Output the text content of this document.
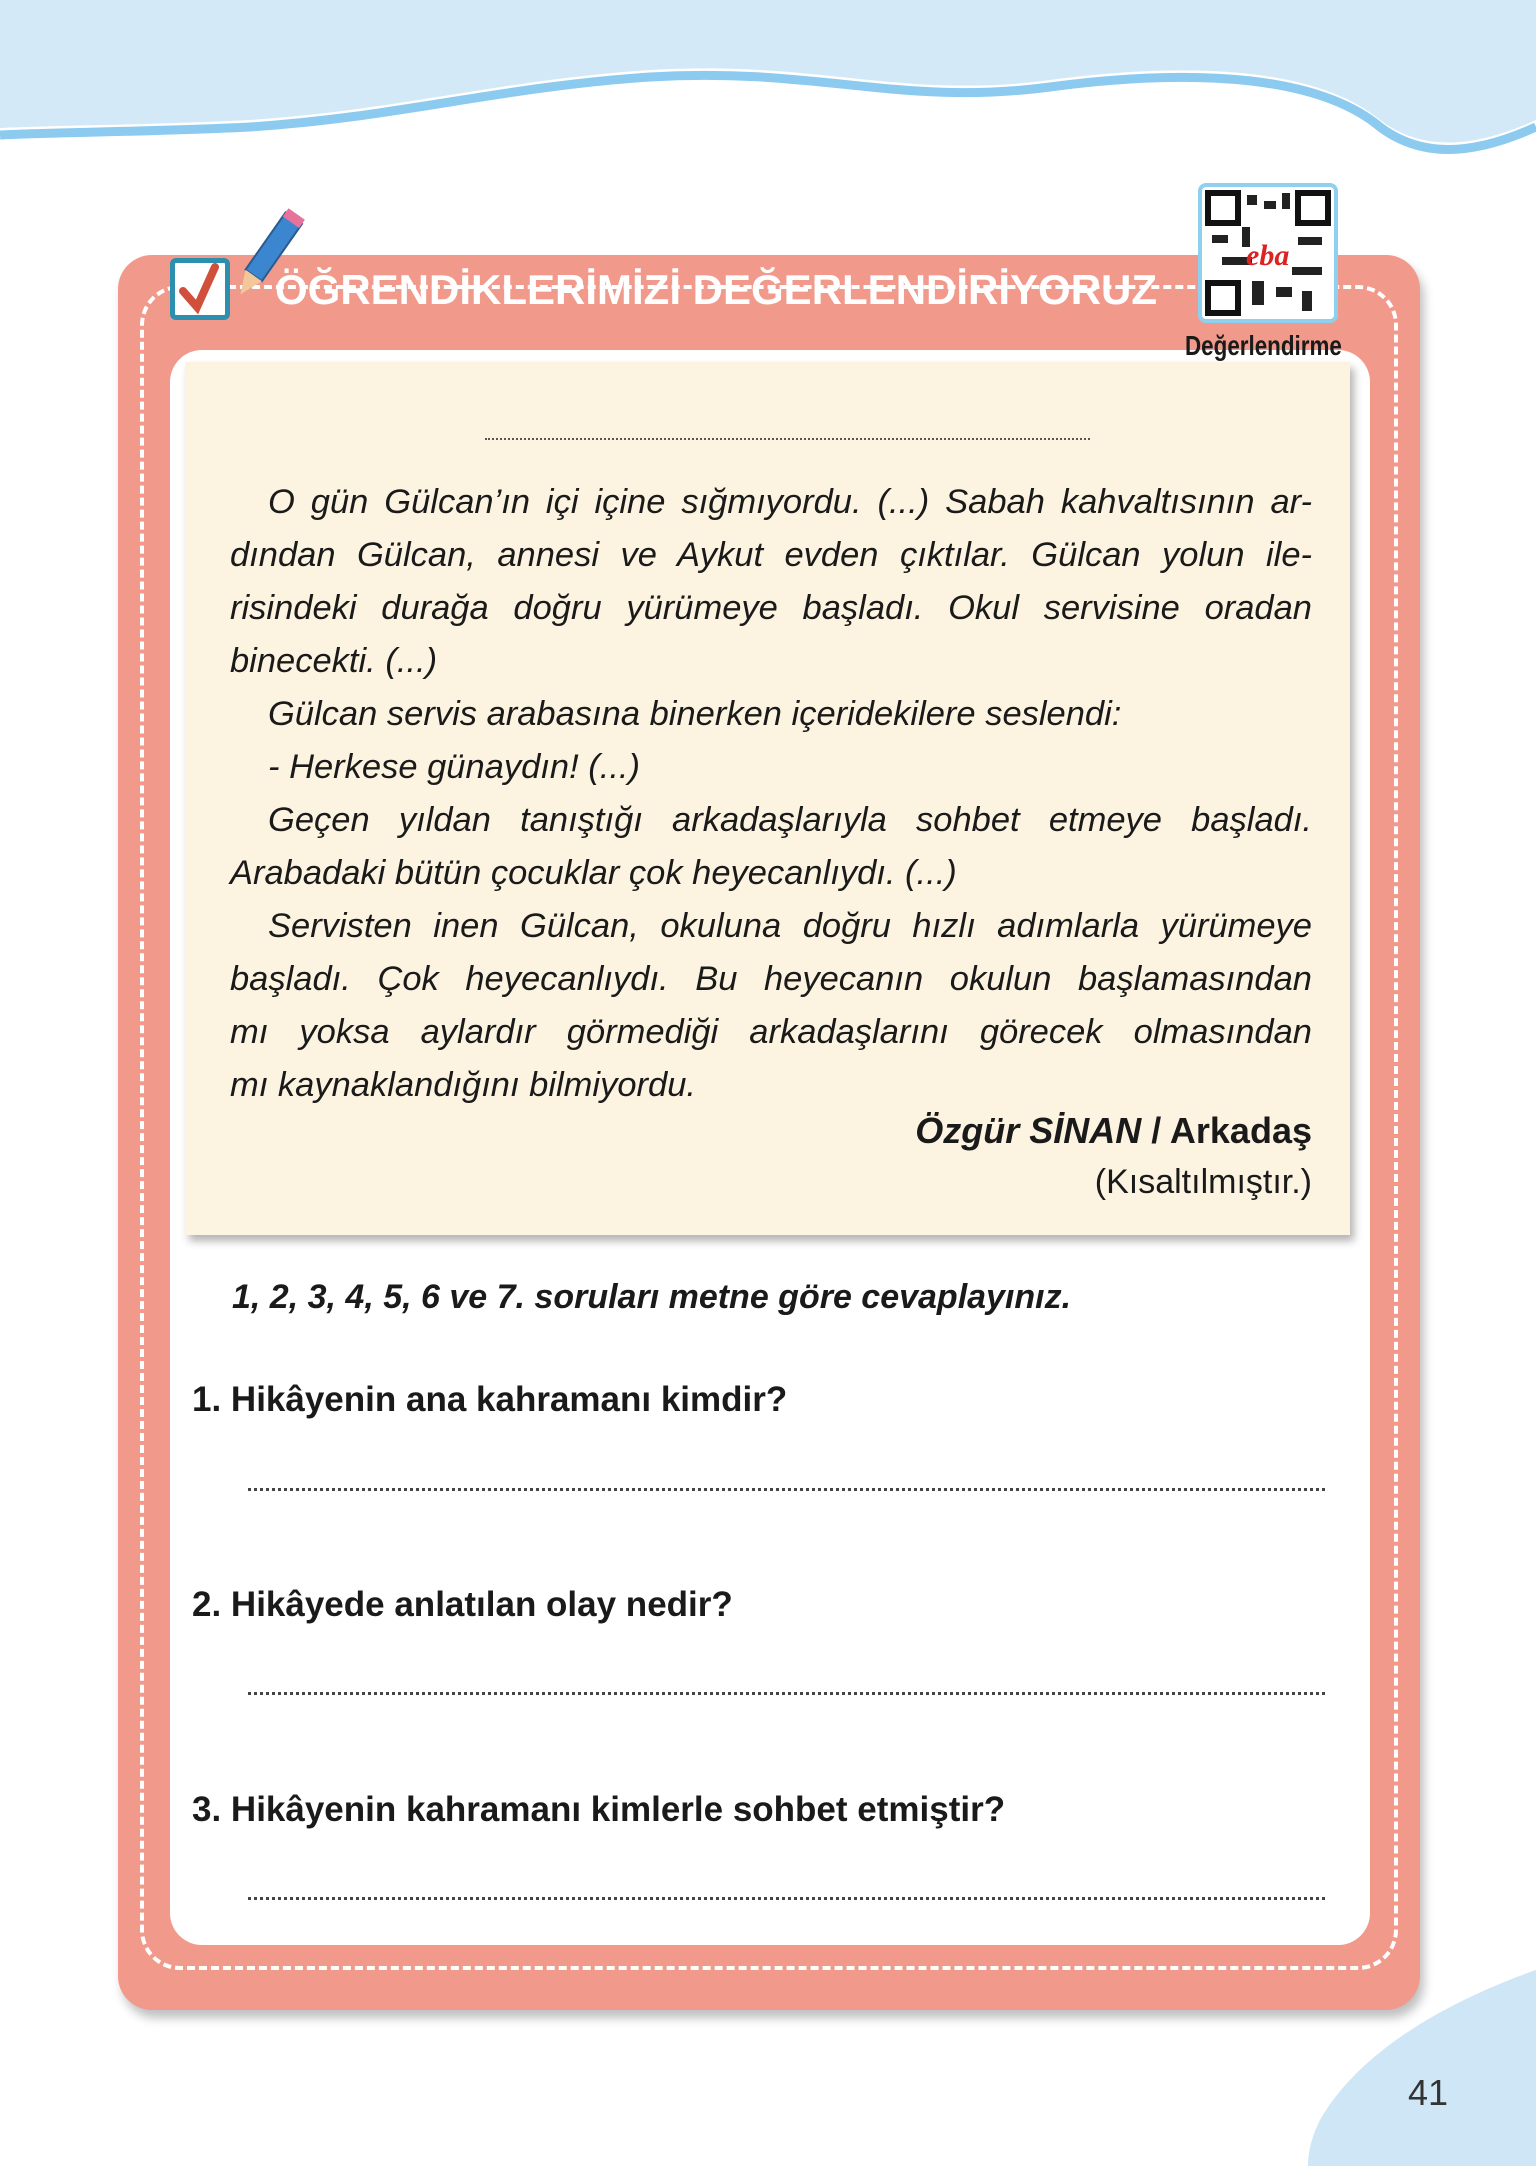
ÖĞRENDİKLERİMİZİ DEĞERLENDİRİYORUZ
eba
Değerlendirme
O gün Gülcan’ın içi içine sığmıyordu. (...) Sabah kahvaltısının ar-
dından Gülcan, annesi ve Aykut evden çıktılar. Gülcan yolun ile-
risindeki durağa doğru yürümeye başladı. Okul servisine oradan
binecekti. (...)
Gülcan servis arabasına binerken içeridekilere seslendi:
- Herkese günaydın! (...)
Geçen yıldan tanıştığı arkadaşlarıyla sohbet etmeye başladı.
Arabadaki bütün çocuklar çok heyecanlıydı. (...)
Servisten inen Gülcan, okuluna doğru hızlı adımlarla yürümeye
başladı. Çok heyecanlıydı. Bu heyecanın okulun başlamasından
mı yoksa aylardır görmediği arkadaşlarını görecek olmasından
mı kaynaklandığını bilmiyordu.
Özgür SİNAN / Arkadaş
(Kısaltılmıştır.)
1, 2, 3, 4, 5, 6 ve 7. soruları metne göre cevaplayınız.
1. Hikâyenin ana kahramanı kimdir?
2. Hikâyede anlatılan olay nedir?
3. Hikâyenin kahramanı kimlerle sohbet etmiştir?
41
